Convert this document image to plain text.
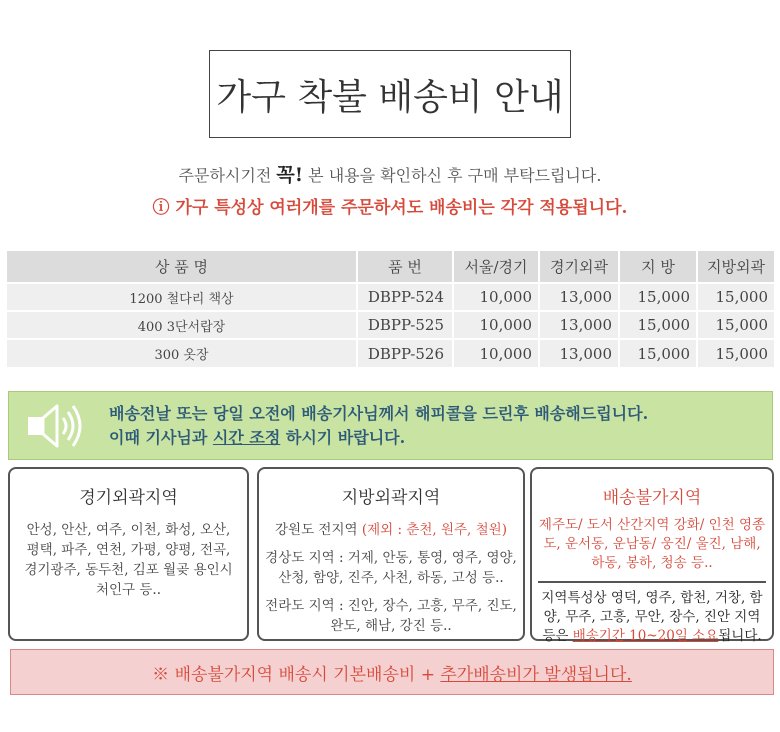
가구 착불 배송비 안내
주문하시기전 꼭! 본 내용을 확인하신 후 구매 부탁드립니다.
ⓘ 가구 특성상 여러개를 주문하셔도 배송비는 각각 적용됩니다.
상 품 명	품 번	서울/경기	경기외곽	지 방	지방외곽
1200 철다리 책상	DBPP-524	10,000	13,000	15,000	15,000
400 3단서랍장	DBPP-525	10,000	13,000	15,000	15,000
300 옷장	DBPP-526	10,000	13,000	15,000	15,000
배송전날 또는 당일 오전에 배송기사님께서 해피콜을 드린후 배송해드립니다.
이때 기사님과 시간 조정 하시기 바랍니다.
경기외곽지역
안성, 안산, 여주, 이천, 화성, 오산, 평택, 파주, 연천, 가평, 양평, 전곡, 경기광주, 동두천, 김포 월곶 용인시 처인구 등..
지방외곽지역
강원도 전지역 (제외 : 춘천, 원주, 철원)
경상도 지역 : 거제, 안동, 통영, 영주, 영양, 산청, 함양, 진주, 사천, 하동, 고성 등..
전라도 지역 : 진안, 장수, 고흥, 무주, 진도, 완도, 해남, 강진 등..
배송불가지역
제주도/ 도서 산간지역 강화/ 인천 영종도, 운서동, 운남동/ 웅진/ 울진, 남해, 하동, 봉하, 청송 등..
지역특성상 영덕, 영주, 합천, 거창, 함양, 무주, 고흥, 무안, 장수, 진안 지역 등은 배송기간 10~20일 소요됩니다.
※ 배송불가지역 배송시 기본배송비 +
추가배송비가 발생됩니다.
